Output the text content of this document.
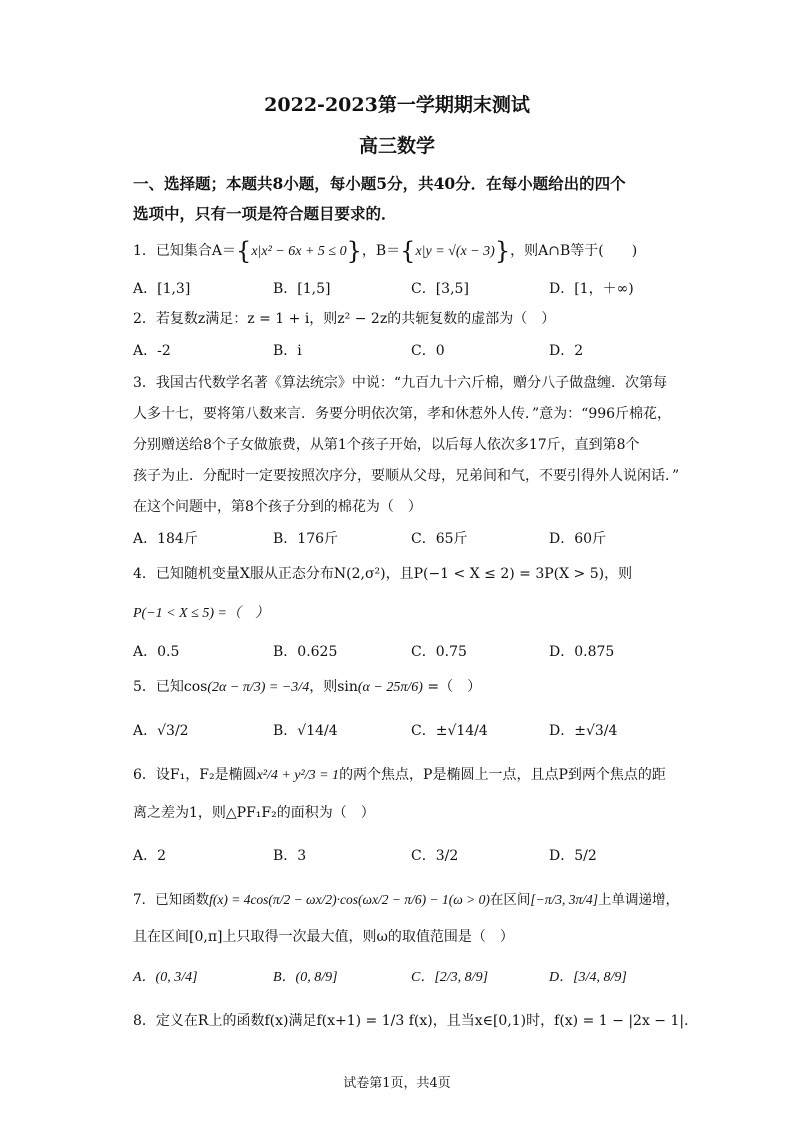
2022-2023第一学期期末测试
高三数学
一、选择题；本题共8小题，每小题5分，共40分．在每小题给出的四个
选项中，只有一项是符合题目要求的．
1．已知集合A＝{x|x² − 6x + 5 ≤ 0}，B＝{x|y = √(x − 3)}，则A∩B等于(　　)
A．[1,3]	B．[1,5]	C．[3,5]	D．[1，＋∞)
2．若复数z满足：z = 1 + i，则z² − 2z的共轭复数的虚部为（　）
A．-2	B．i	C．0	D．2
3．我国古代数学名著《算法统宗》中说：“九百九十六斤棉，赠分八子做盘缠．次第每
人多十七，要将第八数来言．务要分明依次第，孝和休惹外人传．”意为：“996斤棉花，
分别赠送给8个子女做旅费，从第1个孩子开始，以后每人依次多17斤，直到第8个
孩子为止．分配时一定要按照次序分，要顺从父母，兄弟间和气，不要引得外人说闲话．”
在这个问题中，第8个孩子分到的棉花为（　）
A．184斤	B．176斤	C．65斤	D．60斤
4．已知随机变量X服从正态分布N(2,σ²)，且P(−1 < X ≤ 2) = 3P(X > 5)，则
P(−1 < X ≤ 5) =（　）
A．0.5	B．0.625	C．0.75	D．0.875
5．已知cos(2α − π/3) = −3/4，则sin(α − 25π/6) =（　）
A．√3/2	B．√14/4	C．±√14/4	D．±√3/4
6．设F₁，F₂是椭圆x²/4 + y²/3 = 1的两个焦点，P是椭圆上一点，且点P到两个焦点的距
离之差为1，则△PF₁F₂的面积为（　）
A．2	B．3	C．3/2	D．5/2
7．已知函数f(x) = 4cos(π/2 − ωx/2)·cos(ωx/2 − π/6) − 1(ω > 0)在区间[−π/3, 3π/4]上单调递增，
且在区间[0,π]上只取得一次最大值，则ω的取值范围是（　）
A．(0, 3/4]	B．(0, 8/9]	C．[2/3, 8/9]	D．[3/4, 8/9]
8．定义在R上的函数f(x)满足f(x+1) = 1/3 f(x)，且当x∈[0,1)时，f(x) = 1 − |2x − 1|．
试卷第1页，共4页
